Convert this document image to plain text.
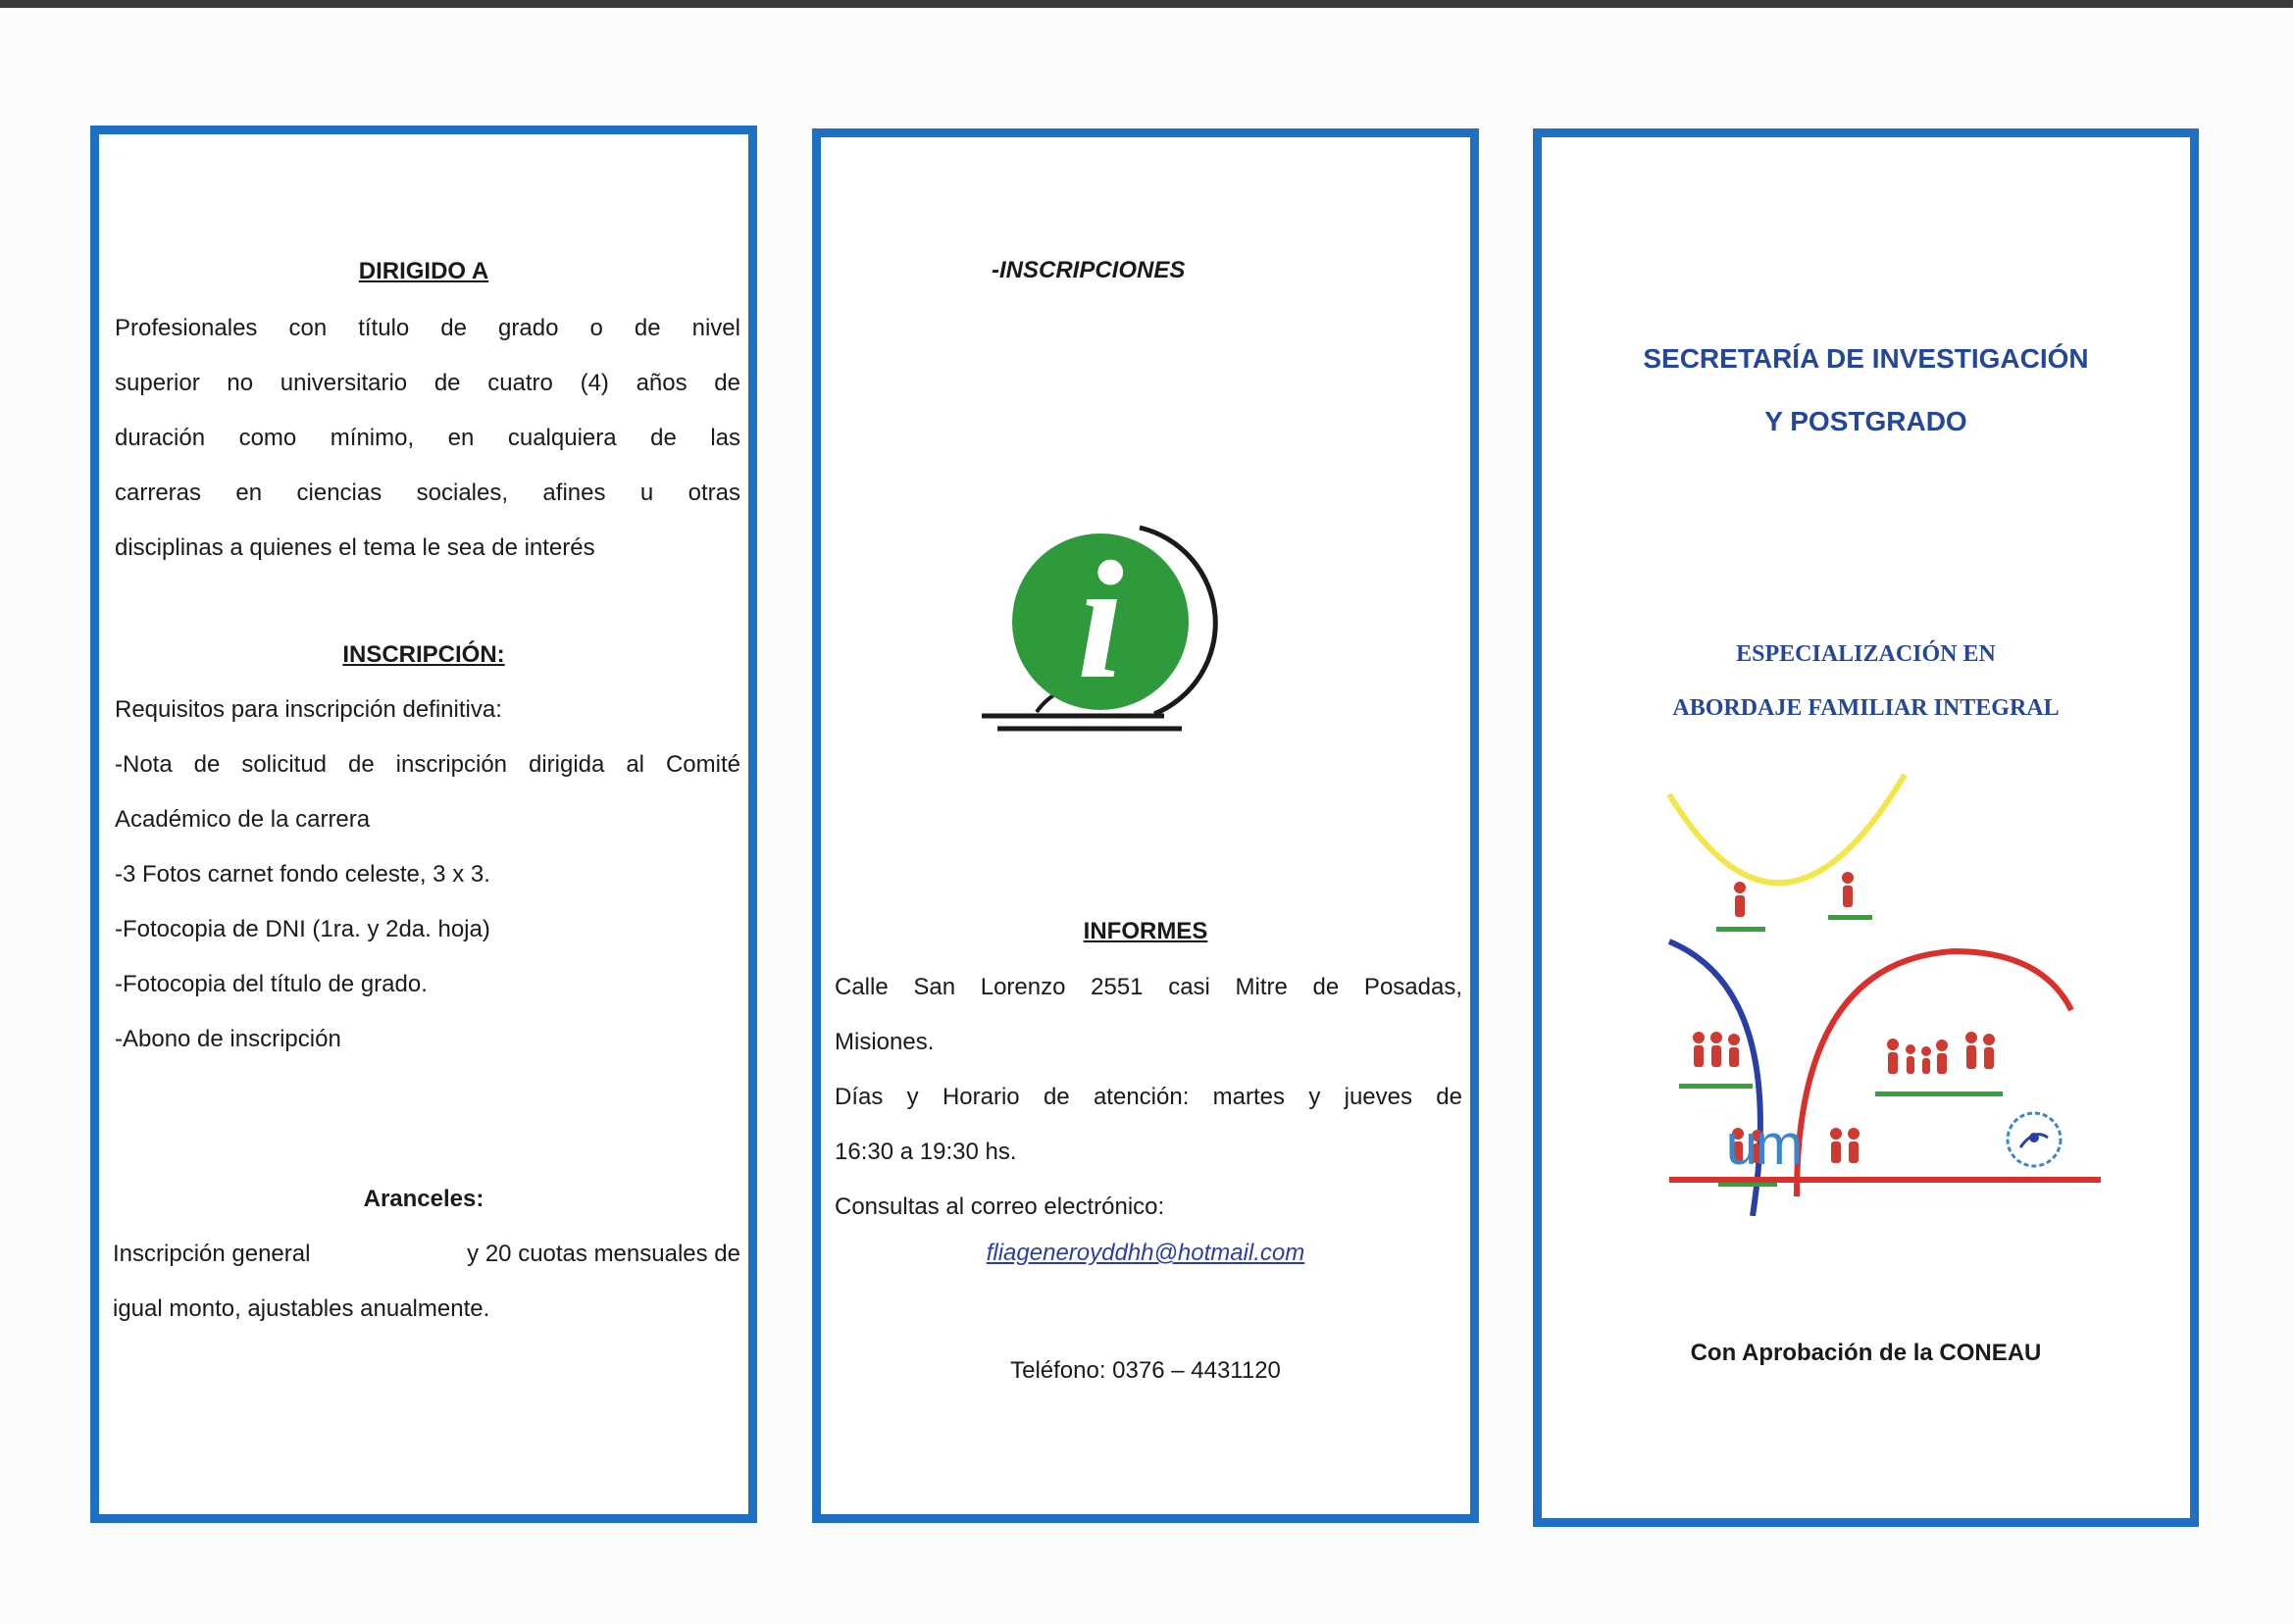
DIRIGIDO A
Profesionales con título de grado o de nivel
superior no universitario de cuatro (4) años de
duración como mínimo, en cualquiera de las
carreras en ciencias sociales, afines u otras
disciplinas a quienes el tema le sea de interés
INSCRIPCIÓN:
Requisitos para inscripción definitiva:
-Nota de solicitud de inscripción dirigida al Comité
Académico de la carrera
-3 Fotos carnet fondo celeste, 3 x 3.
-Fotocopia de DNI (1ra. y 2da. hoja)
-Fotocopia del título de grado.
-Abono de inscripción
Aranceles:
Inscripción general	y 20 cuotas mensuales de
igual monto, ajustables anualmente.
-INSCRIPCIONES
i
INFORMES
Calle San Lorenzo 2551 casi Mitre de Posadas,
Misiones.
Días y Horario de atención: martes y jueves de
16:30 a 19:30 hs.
Consultas al correo electrónico:
fliageneroyddhh@hotmail.com
Teléfono: 0376 – 4431120
SECRETARÍA DE INVESTIGACIÓN
Y POSTGRADO
ESPECIALIZACIÓN EN
ABORDAJE FAMILIAR INTEGRAL
um
Con Aprobación de la CONEAU
